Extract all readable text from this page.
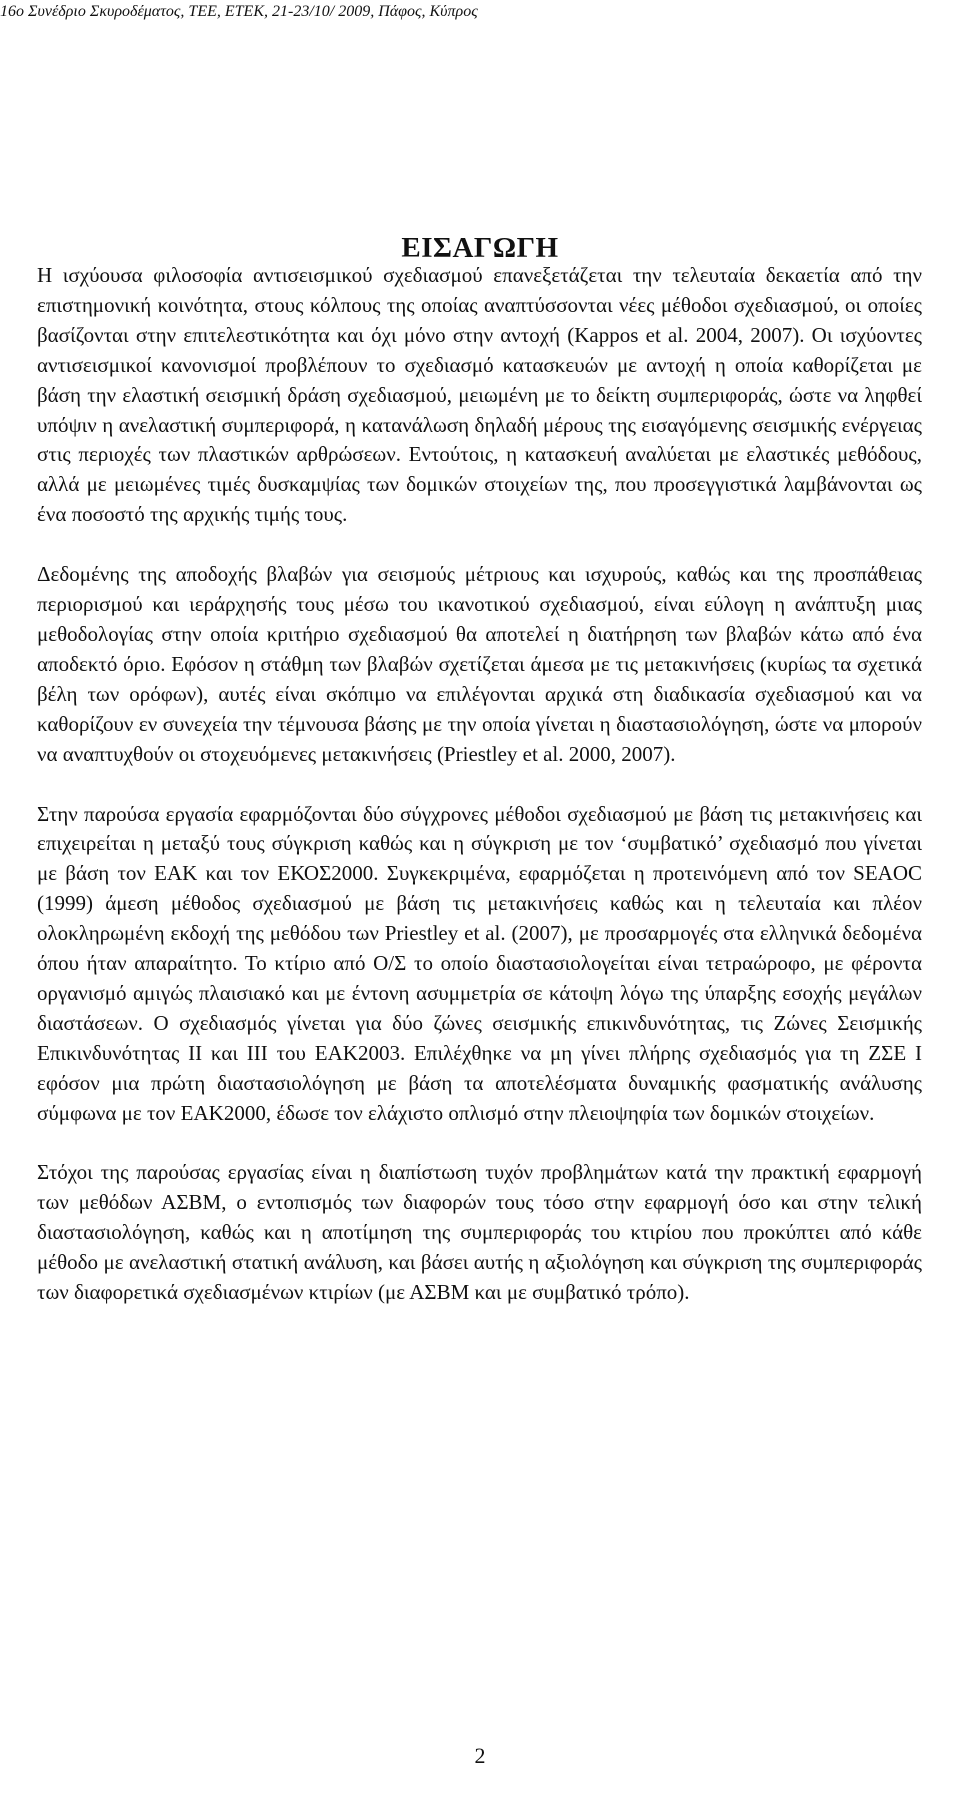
16ο Συνέδριο Σκυροδέματος, ΤΕΕ, ΕΤΕΚ, 21-23/10/ 2009, Πάφος, Κύπρος
ΕΙΣΑΓΩΓΗ

Η ισχύουσα φιλοσοφία αντισεισμικού σχεδιασμού επανεξετάζεται την τελευταία δεκαετία από την επιστημονική κοινότητα, στους κόλπους της οποίας αναπτύσσονται νέες μέθοδοι σχεδιασμού, οι οποίες βασίζονται στην επιτελεστικότητα και όχι μόνο στην αντοχή (Kappos et al. 2004, 2007). Οι ισχύοντες αντισεισμικοί κανονισμοί προβλέπουν το σχεδιασμό κατασκευών με αντοχή η οποία καθορίζεται με βάση την ελαστική σεισμική δράση σχεδιασμού, μειωμένη με το δείκτη συμπεριφοράς, ώστε να ληφθεί υπόψιν η ανελαστική συμπεριφορά, η κατανάλωση δηλαδή μέρους της εισαγόμενης σεισμικής ενέργειας στις περιοχές των πλαστικών αρθρώσεων. Εντούτοις, η κατασκευή αναλύεται με ελαστικές μεθόδους, αλλά με μειωμένες τιμές δυσκαμψίας των δομικών στοιχείων της, που προσεγγιστικά λαμβάνονται ως ένα ποσοστό της αρχικής τιμής τους.

Δεδομένης της αποδοχής βλαβών για σεισμούς μέτριους και ισχυρούς, καθώς και της προσπάθειας περιορισμού και ιεράρχησής τους μέσω του ικανοτικού σχεδιασμού, είναι εύλογη η ανάπτυξη μιας μεθοδολογίας στην οποία κριτήριο σχεδιασμού θα αποτελεί η διατήρηση των βλαβών κάτω από ένα αποδεκτό όριο. Εφόσον η στάθμη των βλαβών σχετίζεται άμεσα με τις μετακινήσεις (κυρίως τα σχετικά βέλη των ορόφων), αυτές είναι σκόπιμο να επιλέγονται αρχικά στη διαδικασία σχεδιασμού και να καθορίζουν εν συνεχεία την τέμνουσα βάσης με την οποία γίνεται η διαστασιολόγηση, ώστε να μπορούν να αναπτυχθούν οι στοχευόμενες μετακινήσεις (Priestley et al. 2000, 2007).

Στην παρούσα εργασία εφαρμόζονται δύο σύγχρονες μέθοδοι σχεδιασμού με βάση τις μετακινήσεις και επιχειρείται η μεταξύ τους σύγκριση καθώς και η σύγκριση με τον ‘συμβατικό’ σχεδιασμό που γίνεται με βάση τον ΕΑΚ και τον ΕΚΟΣ2000. Συγκεκριμένα, εφαρμόζεται η προτεινόμενη από τον SEAOC (1999) άμεση μέθοδος σχεδιασμού με βάση τις μετακινήσεις καθώς και η τελευταία και πλέον ολοκληρωμένη εκδοχή της μεθόδου των Priestley et al. (2007), με προσαρμογές στα ελληνικά δεδομένα όπου ήταν απαραίτητο. Το κτίριο από Ο/Σ το οποίο διαστασιολογείται είναι τετραώροφο, με φέροντα οργανισμό αμιγώς πλαισιακό και με έντονη ασυμμετρία σε κάτοψη λόγω της ύπαρξης εσοχής μεγάλων διαστάσεων. Ο σχεδιασμός γίνεται για δύο ζώνες σεισμικής επικινδυνότητας, τις Ζώνες Σεισμικής Επικινδυνότητας ΙΙ και ΙΙΙ του ΕΑΚ2003. Επιλέχθηκε να μη γίνει πλήρης σχεδιασμός για τη ΖΣΕ Ι εφόσον μια πρώτη διαστασιολόγηση με βάση τα αποτελέσματα δυναμικής φασματικής ανάλυσης σύμφωνα με τον ΕΑΚ2000, έδωσε τον ελάχιστο οπλισμό στην πλειοψηφία των δομικών στοιχείων.

Στόχοι της παρούσας εργασίας είναι η διαπίστωση τυχόν προβλημάτων κατά την πρακτική εφαρμογή των μεθόδων ΑΣΒΜ, ο εντοπισμός των διαφορών τους τόσο στην εφαρμογή όσο και στην τελική διαστασιολόγηση, καθώς και η αποτίμηση της συμπεριφοράς του κτιρίου που προκύπτει από κάθε μέθοδο με ανελαστική στατική ανάλυση, και βάσει αυτής η αξιολόγηση και σύγκριση της συμπεριφοράς των διαφορετικά σχεδιασμένων κτιρίων (με ΑΣΒΜ και με συμβατικό τρόπο).

2
